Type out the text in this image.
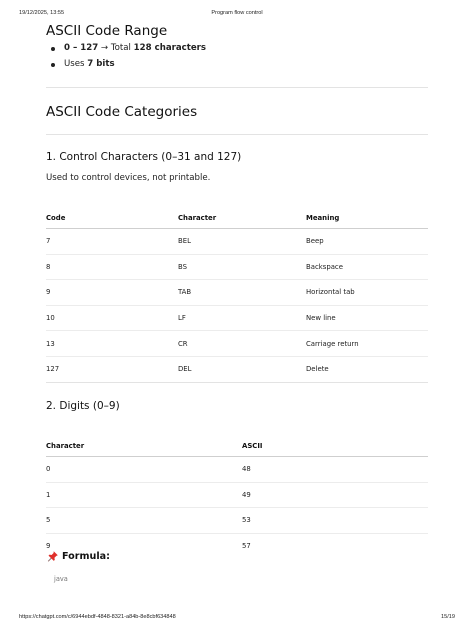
19/12/2025, 13:55	Program flow control
ASCII Code Range
0 – 127 → Total 128 characters
Uses 7 bits
ASCII Code Categories
1. Control Characters (0–31 and 127)
Used to control devices, not printable.
Code	Character	Meaning
7	BEL	Beep
8	BS	Backspace
9	TAB	Horizontal tab
10	LF	New line
13	CR	Carriage return
127	DEL	Delete
2. Digits (0–9)
Character	ASCII
0	48
1	49
5	53
9	57
Formula:
java
https://chatgpt.com/c/6944ebdf-4848-8321-a84b-8e8cbf634848	15/19
